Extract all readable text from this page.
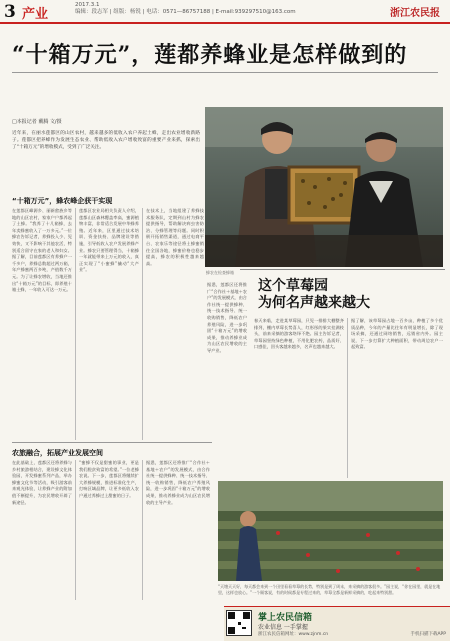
3 产业
2017.3.1
编辑：段志军 | 组版：杨锐 | 电话：0571—86757188 | E-mail:939297510@163.com	浙江农民报
“十箱万元”，莲都养蜂业是怎样做到的
□本报记者 戴腾 文/摄
近年来，在丽水莲都区的山区农村，越来越多的低收入农户养起土蜂，走出农业增收新路子。莲都区把养蜂作为发展生态农业、帮助低收入农户增收致富的重要产业来抓，探索出了“十箱万元”的增收模式，受到了广泛关注。
蜂农在检查蜂箱
“十箱万元”，蜂农峰企获干实现
在莲都区峰源乡、丽新畲族乡等地的山区农村，家家户户都养起了土蜂。“我养了十几箱蜂，去年卖蜂蜜收入了一万多元。”一位蜂农告诉记者，养蜂投入少、见效快，又不影响干其他农活，特别适合留守在家的老人和妇女。据了解，目前莲都区有养蜂户一千多户，养蜂总数超过两万箱，年产蜂蜜两百多吨，产值数千万元。为了让蜂农增收，当地还推出“十箱万元”的目标，即养殖十箱土蜂，一年收入可达一万元。
莲都区农业局相关负责人介绍，莲都山区森林覆盖率高，蜜源植物丰富，非常适合发展中华蜂养殖。近年来，区里通过技术培训、资金扶持、品牌建设等措施，引导低收入农户发展养蜂产业。蜂农只要管理得当，十箱蜂一年就能带来上万元的收入，真正实现了“小蜜蜂”撬动“大产业”。
在技术上，当地组建了养蜂技术服务队，定期到山村为蜂农提供指导，帮助解决病虫害防治、分蜂管理等问题。同时积极开拓销售渠道，通过电商平台、农家乐等途径将土蜂蜜销往全国各地，蜂蜜价格也稳步提高，蜂农的积极性越来越高。
据悉，莲都区还将推广“合作社＋基地＋农户”的发展模式，由合作社统一提供蜂种、统一技术指导、统一收购销售，降低农户养殖风险，进一步巩固“十箱万元”的增收成果，推动养蜂业成为山区农民增收的主导产业。
农旅融合，拓展产业发展空间
在此基础上，莲都区还将养蜂与乡村旅游相结合，建设蜂文化体验园，开发蜂蜜系列产品，举办蜂蜜文化节等活动，吸引游客前来观光体验，让养蜂产业的附加值不断提升，为农民增收开辟了新途径。
“蜜蜂不仅是甜蜜的事业，更是我们脱贫致富的希望。”一位老蜂农说。下一步，莲都区将继续扩大养蜂规模，推进标准化生产，打响区域品牌，让更多低收入农户通过养蜂过上甜蜜的日子。
据悉，莲都区还将推广“合作社＋基地＋农户”的发展模式，由合作社统一提供蜂种、统一技术指导、统一收购销售，降低农户养殖风险，进一步巩固“十箱万元”的增收成果，推动养蜂业成为山区农民增收的主导产业。
这个草莓园
为何名声越来越大
春天来临，走进某草莓园，只见一排排大棚整齐排列，棚内草莓长势喜人，红彤彤的果实挂满枝头，前来采摘的游客络绎不绝。园主告诉记者，草莓园坚持绿色种植，不用化肥农药，品质好、口感佳，回头客越来越多，名声也越来越大。
据了解，该草莓园占地一百多亩，种植了多个优质品种，今年的产量比往年有明显增长，除了现场采摘，还通过网络销售，远销省内外。园主说，下一步打算扩大种植面积，带动周边农户一起致富。
“天塘天天好，每天都会来到一个田里看看草莓的长势，特别是到了周末，来采摘的游客很多。”园主说，“你在园里，就是在地里，这样也放心。”一个顾客说，有的时候都是专程过来的，草莓全都是新鲜采摘的，吃起来特别甜。
掌上农民信箱
农业信息 一手掌握
浙江农民信箱网址：www.zjnm.cn	手机扫描下载APP
